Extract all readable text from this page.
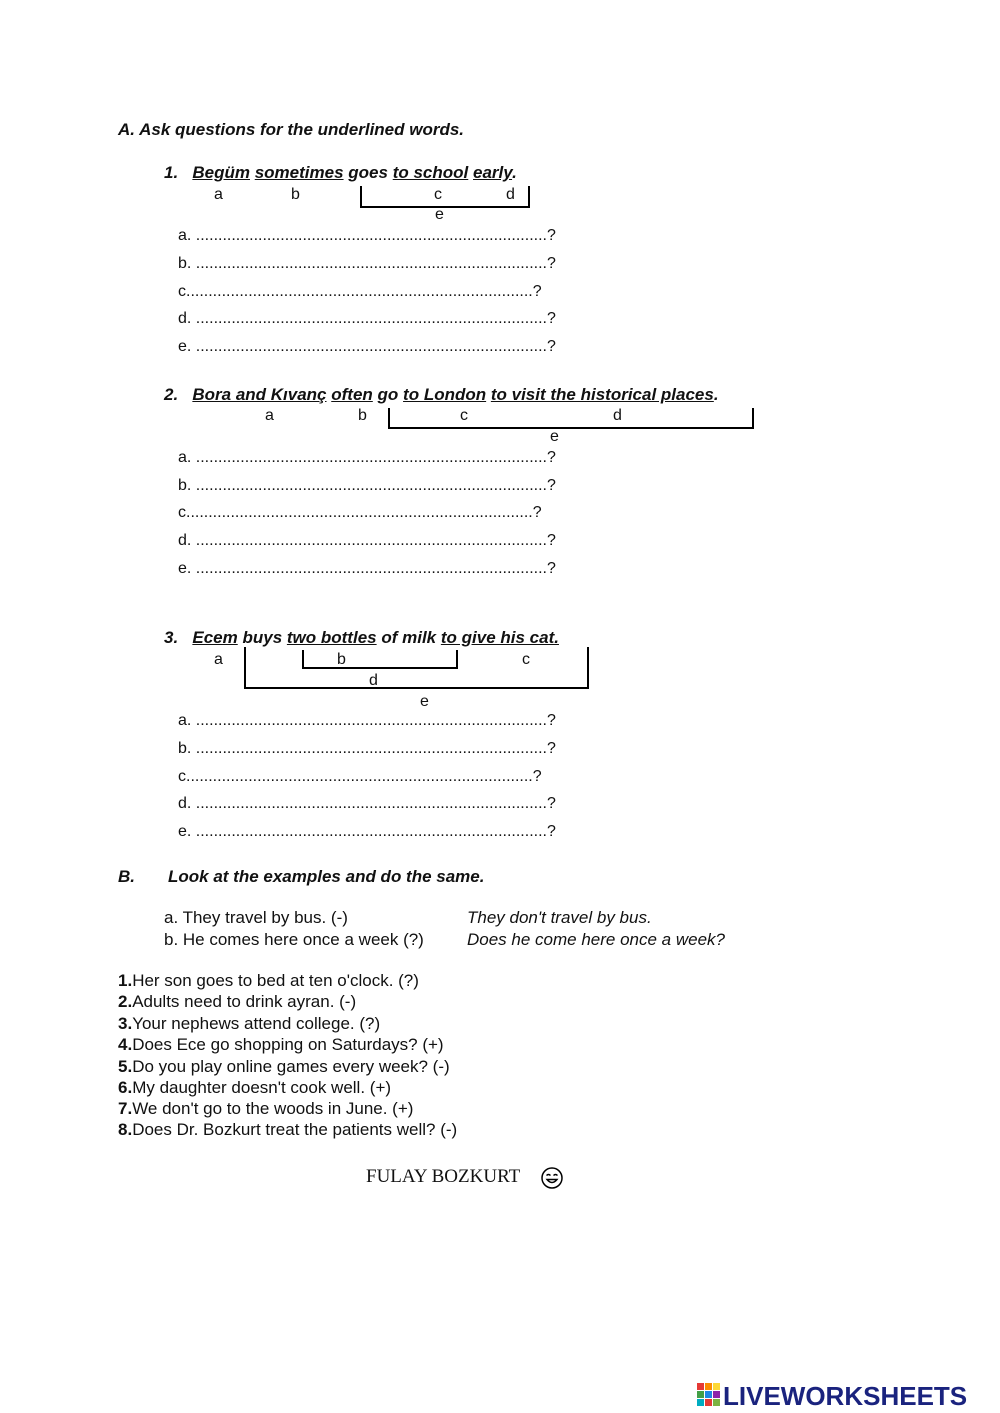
A. Ask questions for the underlined words.
1. Begüm sometimes goes to school early.
a	b	c	d
e
a. ...............................................................................?
b. ...............................................................................?
c..............................................................................?
d. ...............................................................................?
e. ...............................................................................?
2. Bora and Kıvanç often go to London to visit the historical places.
a	b	c	d
e
a. ...............................................................................?
b. ...............................................................................?
c..............................................................................?
d. ...............................................................................?
e. ...............................................................................?
3. Ecem buys two bottles of milk to give his cat.
a	b	c
d
e
a. ...............................................................................?
b. ...............................................................................?
c..............................................................................?
d. ...............................................................................?
e. ...............................................................................?
B. Look at the examples and do the same.
a. They travel by bus. (-)	They don't travel by bus.
b. He comes here once a week (?)	Does he come here once a week?
1.Her son goes to bed at ten o'clock. (?)
2.Adults need to drink ayran. (-)
3.Your nephews attend college. (?)
4.Does Ece go shopping on Saturdays? (+)
5.Do you play online games every week? (-)
6.My daughter doesn't cook well. (+)
7.We don't go to the woods in June. (+)
8.Does Dr. Bozkurt treat the patients well? (-)
FULAY BOZKURT
LIVEWORKSHEETS
